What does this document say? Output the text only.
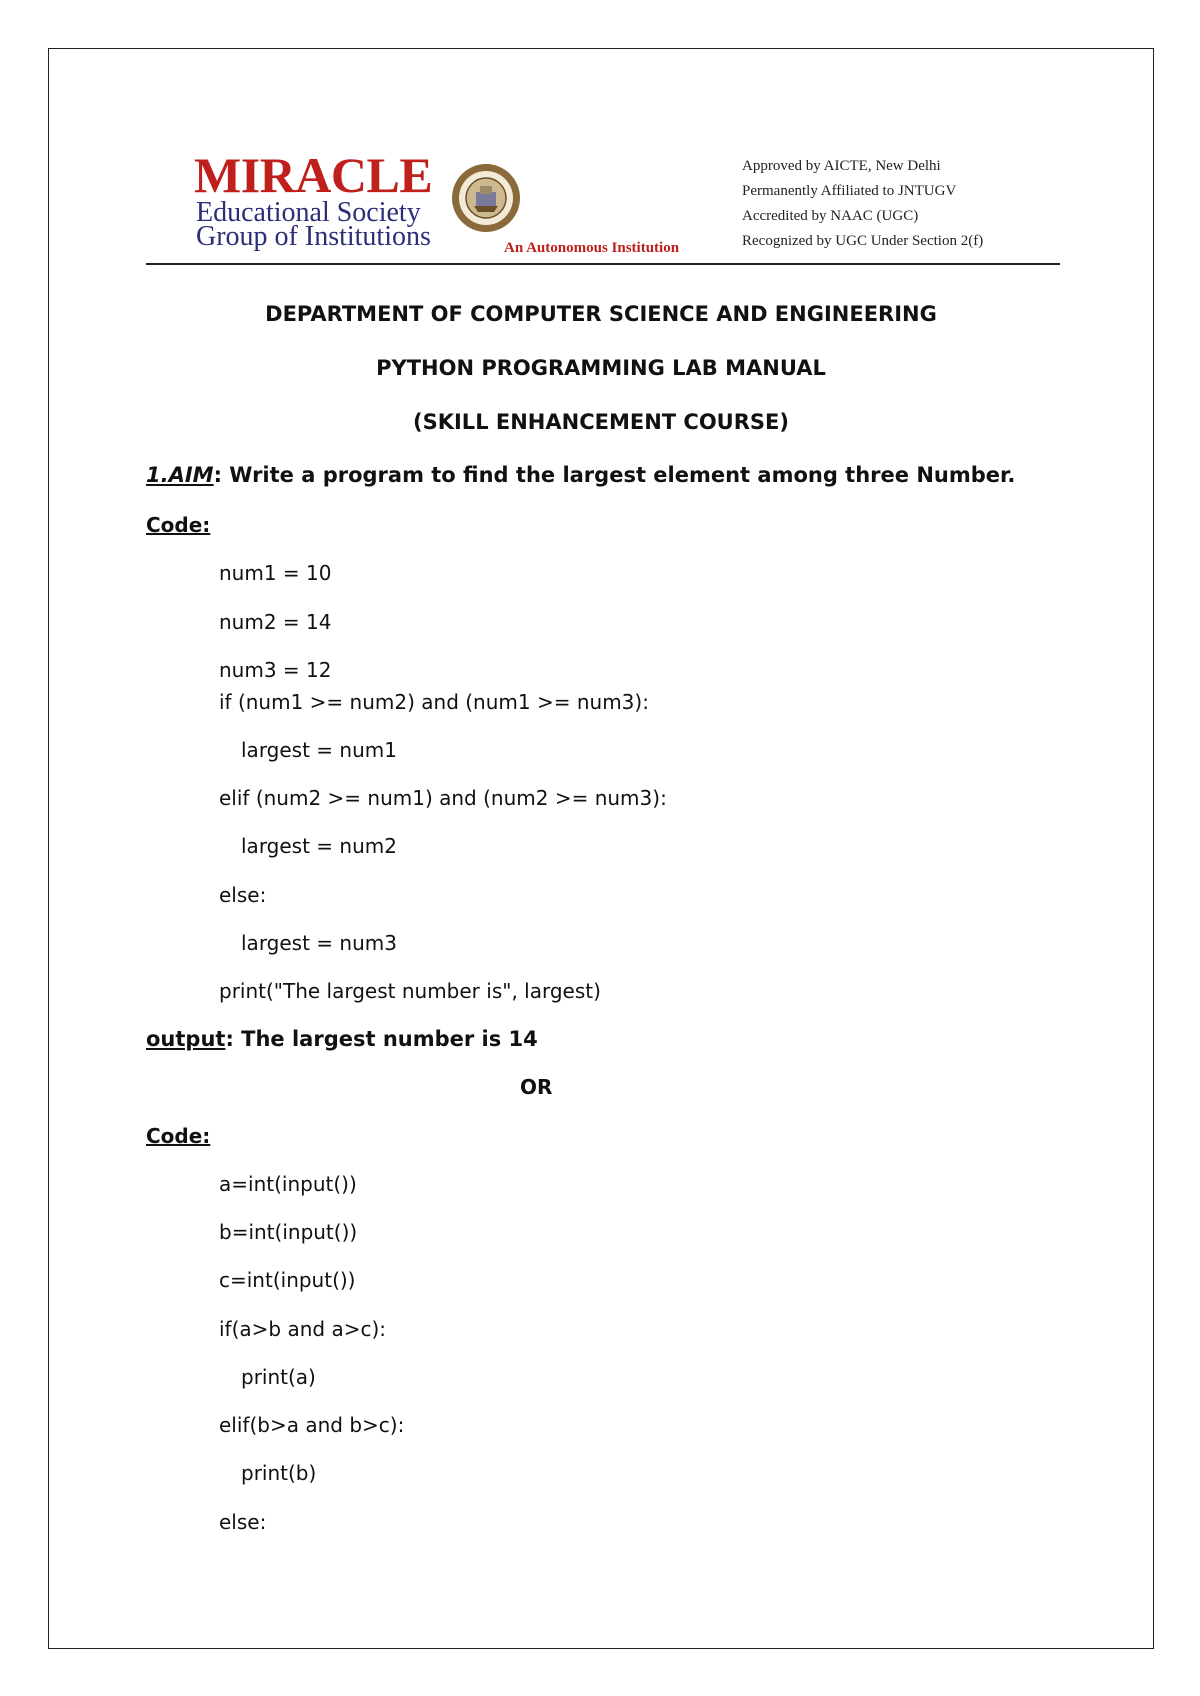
MIRACLE
Educational Society
Group of Institutions	An Autonomous Institution
Approved by AICTE, New Delhi
Permanently Affiliated to JNTUGV
Accredited by NAAC (UGC)
Recognized by UGC Under Section 2(f)
DEPARTMENT OF COMPUTER SCIENCE AND ENGINEERING
PYTHON PROGRAMMING LAB MANUAL
(SKILL ENHANCEMENT COURSE)
1.AIM: Write a program to find the largest element among three Number.
Code:
num1 = 10
num2 = 14
num3 = 12
if (num1 >= num2) and (num1 >= num3):
largest = num1
elif (num2 >= num1) and (num2 >= num3):
largest = num2
else:
largest = num3
print("The largest number is", largest)
output: The largest number is 14
OR
Code:
a=int(input())
b=int(input())
c=int(input())
if(a>b and a>c):
print(a)
elif(b>a and b>c):
print(b)
else:
